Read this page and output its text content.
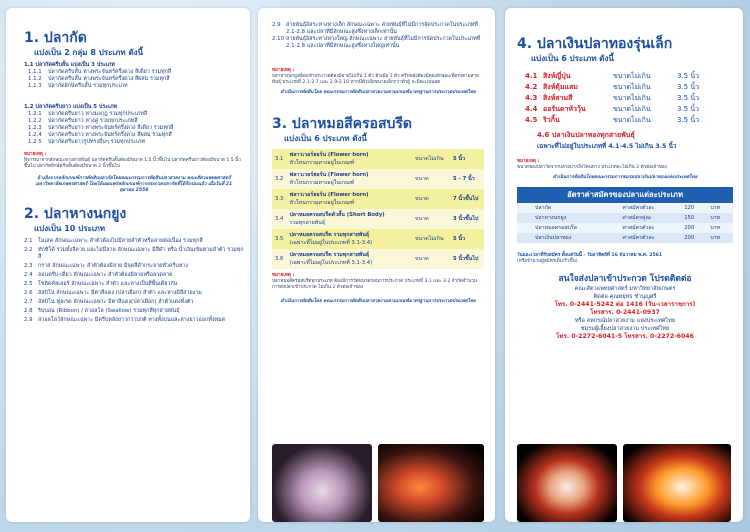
1. ปลากัด
แบ่งเป็น 2 กลุ่ม 8 ประเภท ดังนี้
1.1 ปลากัดครีบสั้น แบ่งเป็น 3 ประเภท
1.1.1	ปลากัดครีบสั้น หางพระจันทร์ครึ่งดวง สีเดียว รวมทุกสี
1.1.2	ปลากัดครีบสั้น หางพระจันทร์ครึ่งดวง สีผสม รวมทุกสี
1.1.3	ปลากัดยักษ์ครีบสั้น รวมทุกประเภท
1.2 ปลากัดครีบยาว แบ่งเป็น 5 ประเภท
1.2.1	ปลากัดครีบยาว หางมงกุฎ รวมทุกประเภทสี
1.2.2	ปลากัดครีบยาว หางคู่ รวมทุกประเภทสี
1.2.3	ปลากัดครีบยาว หางพระจันทร์ครึ่งดวง สีเดียว รวมทุกสี
1.2.4	ปลากัดครีบยาว หางพระจันทร์ครึ่งดวง สีผสม รวมทุกสี
1.2.5	ปลากัดครีบยาวรูปทรงอื่นๆ รวมทุกประเภท
หมายเหตุ :
พิจารณาจากลักษณะทางสายพันธุ์ ปลากัดครีบสั้นต้องมีขนาด 1.5 นิ้วขึ้นไป ปลากัดครีบยาวต้องมีขนาด 1.5 นิ้วขึ้นไป ปลากัดยักษ์ครีบสั้นต้องมีขนาด 2 นิ้วขึ้นไป
อ้างอิงจากหลักเกณฑ์การตัดสินปลากัดโดยคณะกรรมการตัดสินปลาสวยงาม คณะสัตวแพทยศาสตร์ มหาวิทยาลัยเกษตรศาสตร์ โดยได้เผยแพร่หลักเกณฑ์การประกวดปลากัดที่ได้รับรองแล้ว เมื่อวันที่ 21 ตุลาคม 2558
2. ปลาหางนกยูง
แบ่งเป็น 10 ประเภท
2.1	โมเสค ลักษณะเฉพาะ ลำตัวต้องไม่มีลายลำตัวหรือลายต่อเนื่อง รวมทุกสี
2.2	ทักซิโด้ รวมทั้งลีลาย และไม่มีลาย ลักษณะเฉพาะ มีสีดำ หรือ น้ำเงินเข้มตามลำตัว รวมทุกสี
2.3	กราส ลักษณะเฉพาะ ลำตัวต้องมีลาย มีจุดสีดำกระจายทั่วครีบหาง
2.4	ลอนครีบ-เดี่ยว ลักษณะเฉพาะ ลำตัวต้องมีลายหรือลวดลาย
2.5	โซลิดคัลเลอร์ ลักษณะเฉพาะ ลำตัว และหางเป็นสีพื้นเดียวกัน
2.6	อัลบิโน่ ลักษณะเฉพาะ มีตาสีแดง (ปลาเผือก) ลำตัว และหางมีสีสวยงาม
2.7	อัลบิโน่ ฟูลเรด ลักษณะเฉพาะ มีตาสีแดง(ปลาเผือก) ลำตัวแดงทั้งตัว
2.8	ริบบอน (Ribbon) / สวอลโล (Swallow) รวมทุกสีทุกสายพันธุ์
2.9	สวอลโลว์ลักษณะเฉพาะ มีครีบหลังยาวกว่าปกติ หางทั้งบนและล่างยาวออกทั้งหมด
2.9	สายพันธุ์อิสระทางหางเล็ก ลักษณะเฉพาะ สายพันธุ์ที่ไม่มีการจัดประกวดในประเภทที่ 2.1-2.8 และปลาที่มีลักษณะสูงซึ่งหางเล็กเท่านั้น
2.10 สายพันธุ์อิสระทางหางใหญ่ ลักษณะเฉพาะ สายพันธุ์ที่ไม่มีการจัดประกวดในประเภทที่ 2.1-2.8 และปลาที่มีลักษณะสูงซึ่งหางใหญ่เท่านั้น
หมายเหตุ :
ปลาหางนกยูงที่ส่งเข้าประกวดต้องมีอายุไม่เกิน 1 ตัว ตัวเมีย 1 ตัว ครีบหลังต้องมีคุณลักษณะที่ตรงตามสายพันธุ์ ประเภทที่ 2.1-2.7 และ 2.9-2.10 หากมีตัวเมียขนาดเล็กกว่าตัวผู้ จะมีคะแนนลด
ดำเนินการตัดสินโดย คณะกรรมการตัดสินปลาสวยงามตามเกณฑ์มาตรฐานการประกวดประเทศไทย
3. ปลาหมอสีครอสบรีด
แบ่งเป็น 6 ประเภท ดังนี้
3.1	ฟลาวเวอร์ฮอร์น (Flower horn)
หัวโหนกรวมหางอยู่ในเกณฑ์	ขนาดไม่เกิน	5 นิ้ว
3.2	ฟลาวเวอร์ฮอร์น (Flower horn)
หัวโหนกรวมหางอยู่ในเกณฑ์	ขนาด	5 - 7 นิ้ว
3.3	ฟลาวเวอร์ฮอร์น (Flower horn)
หัวโหนกรวมหางอยู่ในเกณฑ์	ขนาด	7 นิ้วขึ้นไป
3.4	ปลาหมอครอสบรีดตัวสั้น (Short Body)
รวมทุกสายพันธุ์	ขนาด	3 นิ้วขึ้นไป
3.5	ปลาหมอครอสบรีด รวมทุกสายพันธุ์
(เฉพาะที่ไม่อยู่ในประเภทที่ 3.1-3.4)	ขนาดไม่เกิน	5 นิ้ว
3.6	ปลาหมอครอสบรีด รวมทุกสายพันธุ์
(เฉพาะที่ไม่อยู่ในประเภทที่ 3.1-3.4)	ขนาด	5 นิ้วขึ้นไป
หมายเหตุ :
ปลาหมอสีครอสบรีดทุกประเภท ต้องมีการวัดขนาดก่อนการประกวด ประเภทที่ 3.1 และ 3.2 จำกัดจำนวนการส่งปลาเข้าประกวด ไม่เกิน 2 ตัวต่อเจ้าของ
ดำเนินการตัดสินโดย คณะกรรมการตัดสินปลาสวยงามตามเกณฑ์มาตรฐานการประกวดประเทศไทย
4. ปลาเงินปลาทองรุ่นเล็ก
แบ่งเป็น 6 ประเภท ดังนี้
4.1 สิงห์ญี่ปุ่น	ขนาดไม่เกิน	3.5 นิ้ว
4.2 สิงห์ตุ้มแสม	ขนาดไม่เกิน	3.5 นิ้ว
4.3 สิงห์สามสี	ขนาดไม่เกิน	3.5 นิ้ว
4.4 ออรันดาหัววุ้น	ขนาดไม่เกิน	3.5 นิ้ว
4.5 ริวกิ้น	ขนาดไม่เกิน	3.5 นิ้ว
4.6 ปลาเงินปลาทองทุกสายพันธุ์
เฉพาะที่ไม่อยู่ในประเภทที่ 4.1-4.5 ไม่เกิน 3.5 นิ้ว
หมายเหตุ :
ขนาดของปลาวัดจากปลายปากถึงโคนหาง ประเภทละไม่เกิน 2 ตัวต่อเจ้าของ
ดำเนินการตัดสินโดยคณะกรรมการชมรมปลาเงินปลาทองแห่งประเทศไทย
อัตราค่าสมัครของปลาแต่ละประเภท
ปลากัด	ค่าสมัครตัวละ	120	บาท
ปลาหางนกยูง	ค่าสมัครคู่ละ	150	บาท
ปลาหมอครอสบรีด	ค่าสมัครตัวละ	200	บาท
ปลาเงินปลาทอง	ค่าสมัครตัวละ	200	บาท
วันและเวลาที่รับสมัคร ตั้งแต่วันนี้ - วันอาทิตย์ที่ 16 ธันวาคม พ.ศ. 2561
(หรือจำนวนผู้สมัครเต็มเร็วขึ้น)
สนใจส่งปลาเข้าประกวด โปรดติดต่อ
คณะสัตวแพทยศาสตร์ มหาวิทยาลัยเกษตร
ติดต่อ คุณทยุทธ ชำนุญศรี
โทร. 0-2441-5242 ต่อ 1416 (วัน-เวลาราชการ)
โทรสาร. 0-2441-0937
หรือ สหกรณ์ปลาสวยงาม แห่งประเทศไทย
ชมรมผู้เลี้ยงปลาสวยงาม ประเทศไทย
โทร. 0-2272-6041-5 โทรสาร. 0-2272-6046
